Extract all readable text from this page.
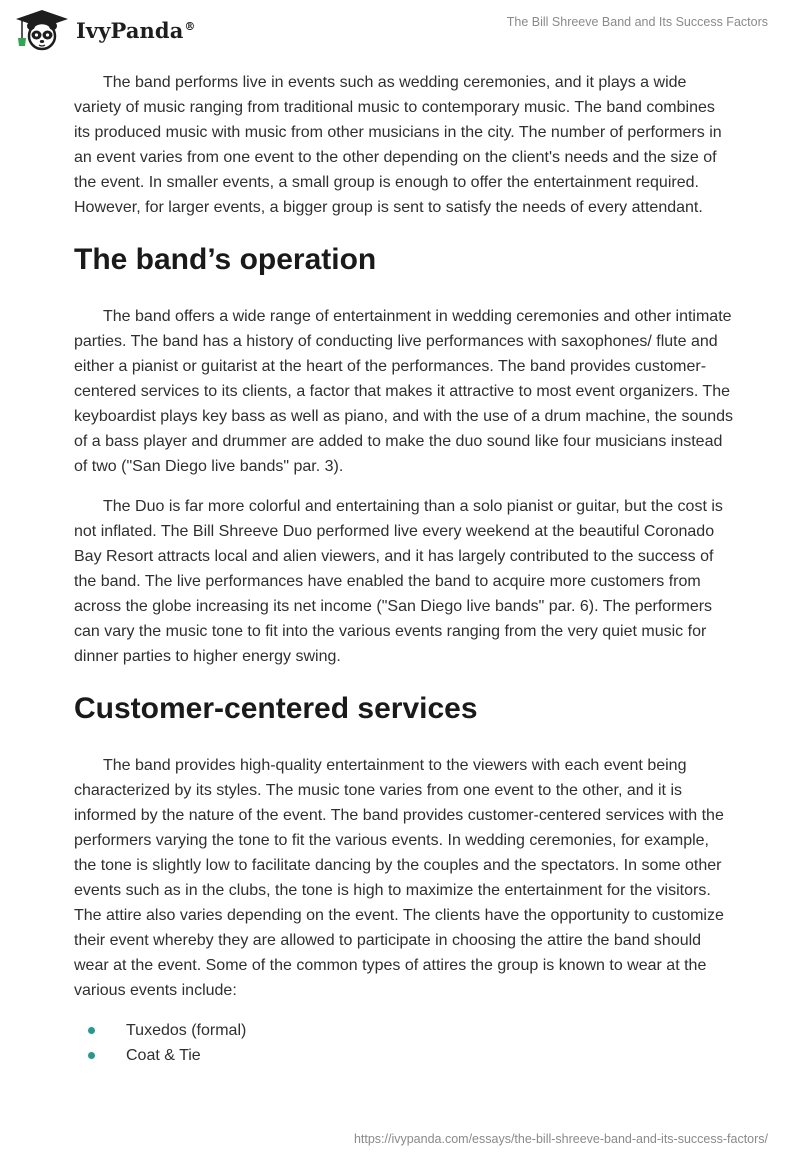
IvyPanda®	The Bill Shreeve Band and Its Success Factors

The band performs live in events such as wedding ceremonies, and it plays a wide variety of music ranging from traditional music to contemporary music. The band combines its produced music with music from other musicians in the city. The number of performers in an event varies from one event to the other depending on the client's needs and the size of the event. In smaller events, a small group is enough to offer the entertainment required. However, for larger events, a bigger group is sent to satisfy the needs of every attendant.

The band’s operation

The band offers a wide range of entertainment in wedding ceremonies and other intimate parties. The band has a history of conducting live performances with saxophones/ flute and either a pianist or guitarist at the heart of the performances. The band provides customer-centered services to its clients, a factor that makes it attractive to most event organizers. The keyboardist plays key bass as well as piano, and with the use of a drum machine, the sounds of a bass player and drummer are added to make the duo sound like four musicians instead of two ("San Diego live bands" par. 3).

The Duo is far more colorful and entertaining than a solo pianist or guitar, but the cost is not inflated. The Bill Shreeve Duo performed live every weekend at the beautiful Coronado Bay Resort attracts local and alien viewers, and it has largely contributed to the success of the band. The live performances have enabled the band to acquire more customers from across the globe increasing its net income ("San Diego live bands" par. 6). The performers can vary the music tone to fit into the various events ranging from the very quiet music for dinner parties to higher energy swing.

Customer-centered services

The band provides high-quality entertainment to the viewers with each event being characterized by its styles. The music tone varies from one event to the other, and it is informed by the nature of the event. The band provides customer-centered services with the performers varying the tone to fit the various events. In wedding ceremonies, for example, the tone is slightly low to facilitate dancing by the couples and the spectators. In some other events such as in the clubs, the tone is high to maximize the entertainment for the visitors. The attire also varies depending on the event. The clients have the opportunity to customize their event whereby they are allowed to participate in choosing the attire the band should wear at the event. Some of the common types of attires the group is known to wear at the various events include:

Tuxedos (formal)
Coat & Tie
https://ivypanda.com/essays/the-bill-shreeve-band-and-its-success-factors/
